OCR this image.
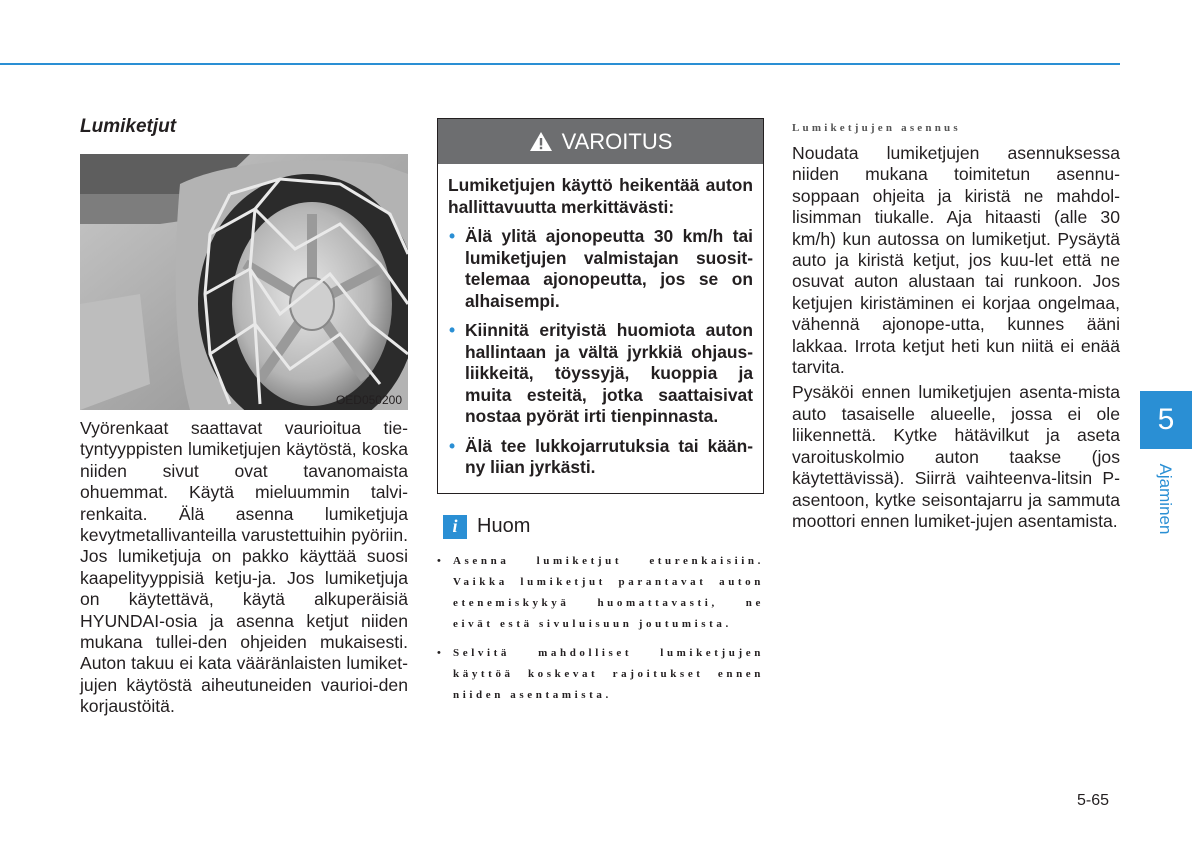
Lumiketjut
OED050200

Vyörenkaat saattavat vaurioitua tie-tyntyyppisten lumiketjujen käytöstä, koska niiden sivut ovat tavanomaista ohuemmat. Käytä mieluummin talvi-renkaita. Älä asenna lumiketjuja kevytmetallivanteilla varustettuihin pyöriin. Jos lumiketjuja on pakko käyttää suosi kaapelityyppisiä ketju-ja. Jos lumiketjuja on käytettävä, käytä alkuperäisiä HYUNDAI-osia ja asenna ketjut niiden mukana tullei-den ohjeiden mukaisesti. Auton takuu ei kata vääränlaisten lumiket-jujen käytöstä aiheutuneiden vaurioi-den korjaustöitä.

VAROITUS

Lumiketjujen käyttö heikentää auton hallittavuutta merkittävästi:

• Älä ylitä ajonopeutta 30 km/h tai lumiketjujen valmistajan suosit-telemaa ajonopeutta, jos se on alhaisempi.
• Kiinnitä erityistä huomiota auton hallintaan ja vältä jyrkkiä ohjaus-liikkeitä, töyssyjä, kuoppia ja muita esteitä, jotka saattaisivat nostaa pyörät irti tienpinnasta.
• Älä tee lukkojarrutuksia tai kään-ny liian jyrkästi.
i Huom
• Asenna lumiketjut eturenkaisiin. Vaikka lumiketjut parantavat auton etenemiskykyä huomattavasti, ne eivät estä sivuluisuun joutumista.
• Selvitä mahdolliset lumiketjujen käyttöä koskevat rajoitukset ennen niiden asentamista.

Lumiketjujen asennus

Noudata lumiketjujen asennuksessa niiden mukana toimitetun asennu-soppaan ohjeita ja kiristä ne mahdol-lisimman tiukalle. Aja hitaasti (alle 30 km/h) kun autossa on lumiketjut. Pysäytä auto ja kiristä ketjut, jos kuu-let että ne osuvat auton alustaan tai runkoon. Jos ketjujen kiristäminen ei korjaa ongelmaa, vähennä ajonope-utta, kunnes ääni lakkaa. Irrota ketjut heti kun niitä ei enää tarvita.

Pysäköi ennen lumiketjujen asenta-mista auto tasaiselle alueelle, jossa ei ole liikennettä. Kytke hätävilkut ja aseta varoituskolmio auton taakse (jos käytettävissä). Siirrä vaihteenva-litsin P-asentoon, kytke seisontajarru ja sammuta moottori ennen lumiket-jujen asentamista.

5
Ajaminen
5-65
